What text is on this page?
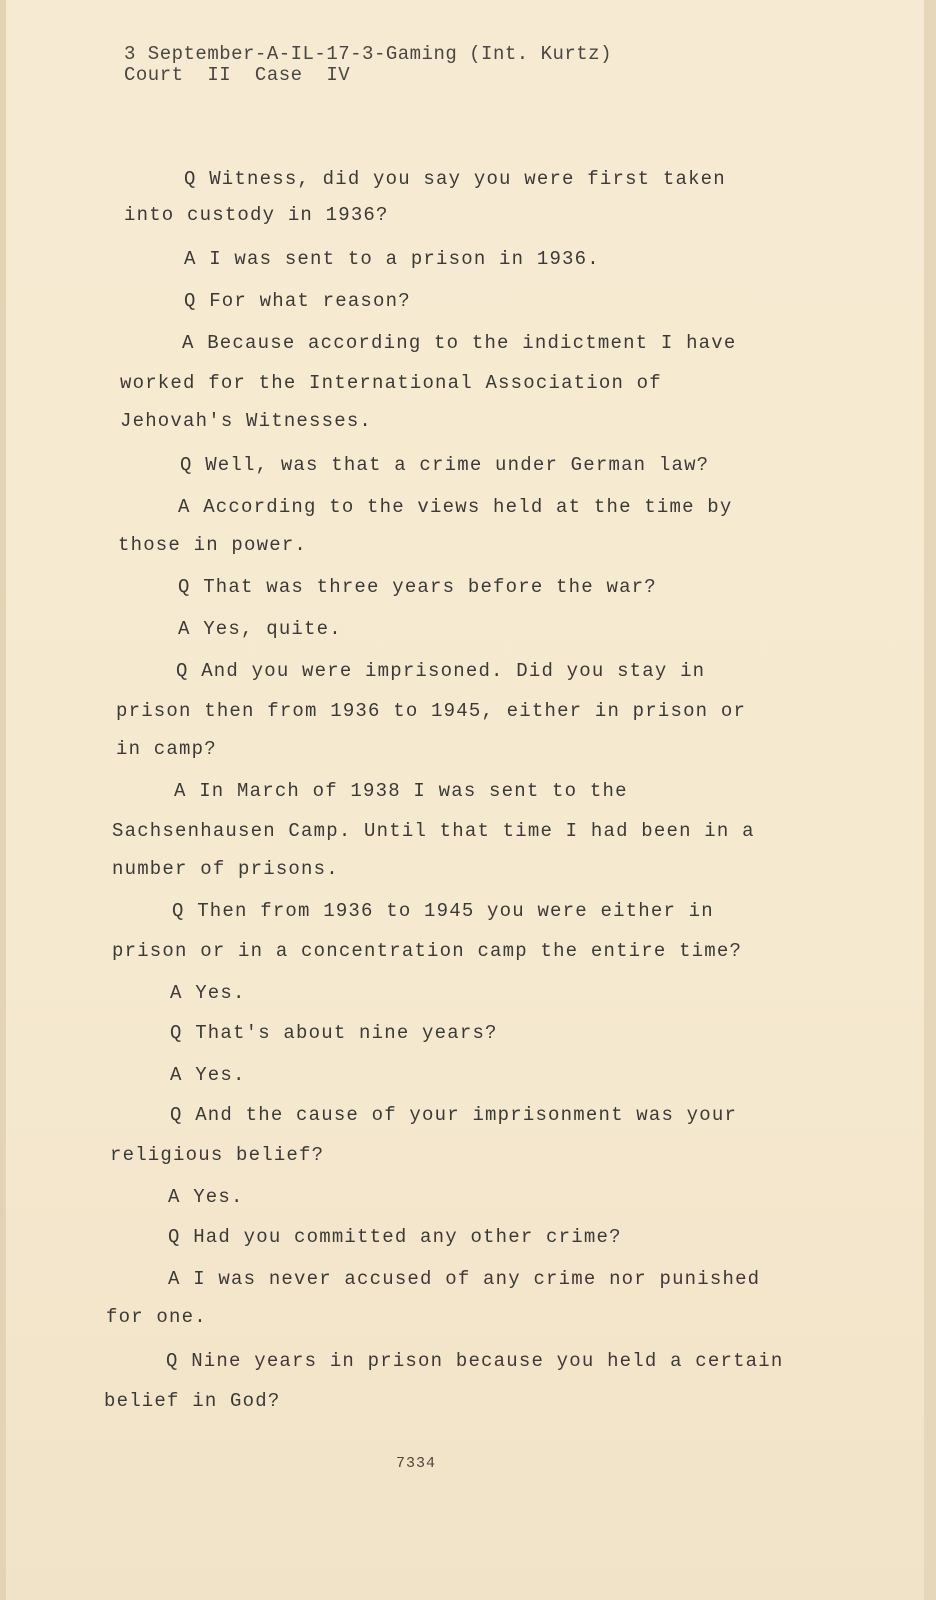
3 September-A-IL-17-3-Gaming (Int. Kurtz)
Court  II  Case  IV
Q Witness, did you say you were first taken
into custody in 1936?
A I was sent to a prison in 1936.
Q For what reason?
A Because according to the indictment I have
worked for the International Association of
Jehovah's Witnesses.
Q Well, was that a crime under German law?
A According to the views held at the time by
those in power.
Q That was three years before the war?
A Yes, quite.
Q And you were imprisoned. Did you stay in
prison then from 1936 to 1945, either in prison or
in camp?
A In March of 1938 I was sent to the
Sachsenhausen Camp. Until that time I had been in a
number of prisons.
Q Then from 1936 to 1945 you were either in
prison or in a concentration camp the entire time?
A Yes.
Q That's about nine years?
A Yes.
Q And the cause of your imprisonment was your
religious belief?
A Yes.
Q Had you committed any other crime?
A I was never accused of any crime nor punished
for one.
Q Nine years in prison because you held a certain
belief in God?
7334
